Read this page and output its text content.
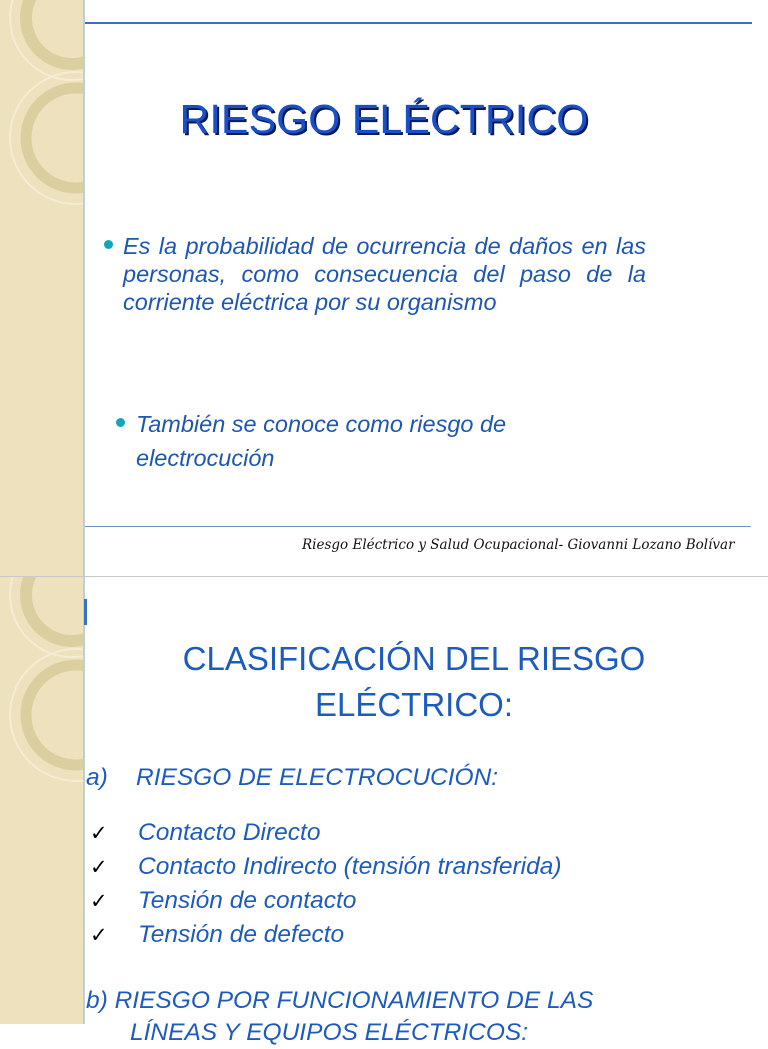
RIESGO ELÉCTRICO
Es la probabilidad de ocurrencia de daños en las personas, como consecuencia del paso de la corriente eléctrica por su organismo
También se conoce como riesgo de electrocución
Riesgo Eléctrico y Salud Ocupacional- Giovanni Lozano Bolívar
CLASIFICACIÓN DEL RIESGO
ELÉCTRICO:
a) RIESGO DE ELECTROCUCIÓN:
✓ Contacto Directo
✓ Contacto Indirecto (tensión transferida)
✓ Tensión de contacto
✓ Tensión de defecto
b) RIESGO POR FUNCIONAMIENTO DE LAS
LÍNEAS Y EQUIPOS ELÉCTRICOS:
